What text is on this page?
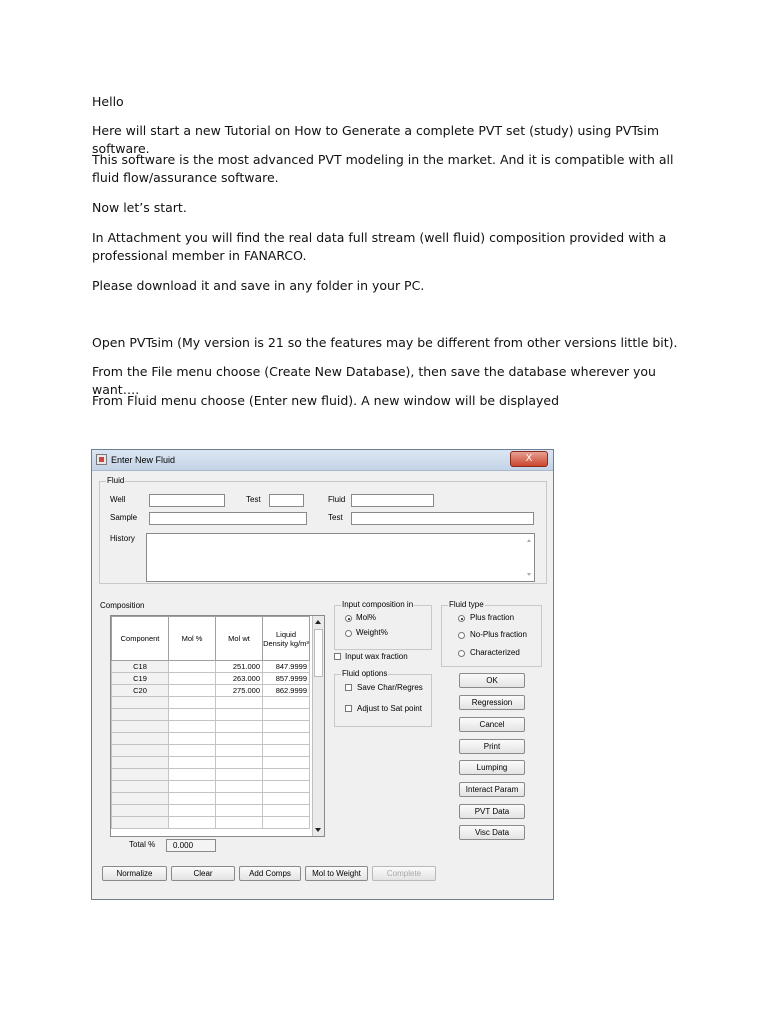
Hello
Here will start a new Tutorial on How to Generate a complete PVT set (study) using PVTsim software.
This software is the most advanced PVT modeling in the market. And it is compatible with all fluid flow/assurance software.
Now let’s start.
In Attachment you will find the real data full stream (well fluid) composition provided with a professional member in FANARCO.
Please download it and save in any folder in your PC.
Open PVTsim (My version is 21 so the features may be different from other versions little bit).
From the File menu choose (Create New Database), then save the database wherever you want….
From Fluid menu choose (Enter new fluid). A new window will be displayed
Enter New Fluid	X
Fluid
Well	Test	Fluid
Sample	Test
History
Composition
Component	Mol %	Mol wt	Liquid Density kg/m³
C18		251.000	847.9999
C19		263.000	857.9999
C20		275.000	862.9999

Total %	0.000
Input composition in
Mol%
Weight%
Input wax fraction
Fluid options
Save Char/Regres
Adjust to Sat point
Fluid type
Plus fraction
No-Plus fraction
Characterized
OK
Regression
Cancel
Print
Lumping
Interact Param
PVT Data
Visc Data
Normalize	Clear	Add Comps	Mol to Weight	Complete
